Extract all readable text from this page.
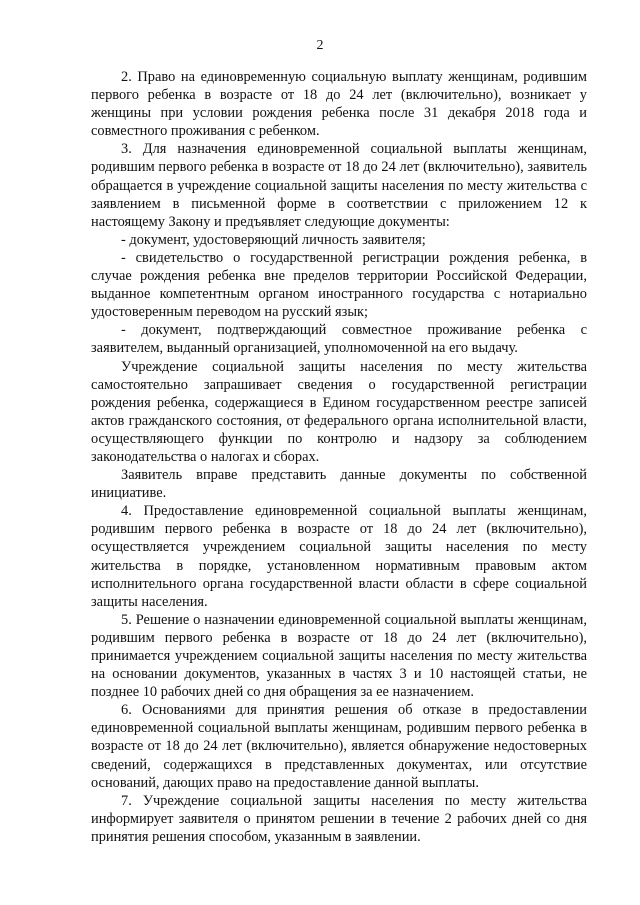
2

2. Право на единовременную социальную выплату женщинам, родившим первого ребенка в возрасте от 18 до 24 лет (включительно), возникает у женщины при условии рождения ребенка после 31 декабря 2018 года и совместного проживания с ребенком.

3. Для назначения единовременной социальной выплаты женщинам, родившим первого ребенка в возрасте от 18 до 24 лет (включительно), заявитель обращается в учреждение социальной защиты населения по месту жительства с заявлением в письменной форме в соответствии с приложением 12 к настоящему Закону и предъявляет следующие документы:

- документ, удостоверяющий личность заявителя;

- свидетельство о государственной регистрации рождения ребенка, в случае рождения ребенка вне пределов территории Российской Федерации, выданное компетентным органом иностранного государства с нотариально удостоверенным переводом на русский язык;

- документ, подтверждающий совместное проживание ребенка с заявителем, выданный организацией, уполномоченной на его выдачу.

Учреждение социальной защиты населения по месту жительства самостоятельно запрашивает сведения о государственной регистрации рождения ребенка, содержащиеся в Едином государственном реестре записей актов гражданского состояния, от федерального органа исполнительной власти, осуществляющего функции по контролю и надзору за соблюдением законодательства о налогах и сборах.

Заявитель вправе представить данные документы по собственной инициативе.

4. Предоставление единовременной социальной выплаты женщинам, родившим первого ребенка в возрасте от 18 до 24 лет (включительно), осуществляется учреждением социальной защиты населения по месту жительства в порядке, установленном нормативным правовым актом исполнительного органа государственной власти области в сфере социальной защиты населения.

5. Решение о назначении единовременной социальной выплаты женщинам, родившим первого ребенка в возрасте от 18 до 24 лет (включительно), принимается учреждением социальной защиты населения по месту жительства на основании документов, указанных в частях 3 и 10 настоящей статьи, не позднее 10 рабочих дней со дня обращения за ее назначением.

6. Основаниями для принятия решения об отказе в предоставлении единовременной социальной выплаты женщинам, родившим первого ребенка в возрасте от 18 до 24 лет (включительно), является обнаружение недостоверных сведений, содержащихся в представленных документах, или отсутствие оснований, дающих право на предоставление данной выплаты.

7. Учреждение социальной защиты населения по месту жительства информирует заявителя о принятом решении в течение 2 рабочих дней со дня принятия решения способом, указанным в заявлении.
